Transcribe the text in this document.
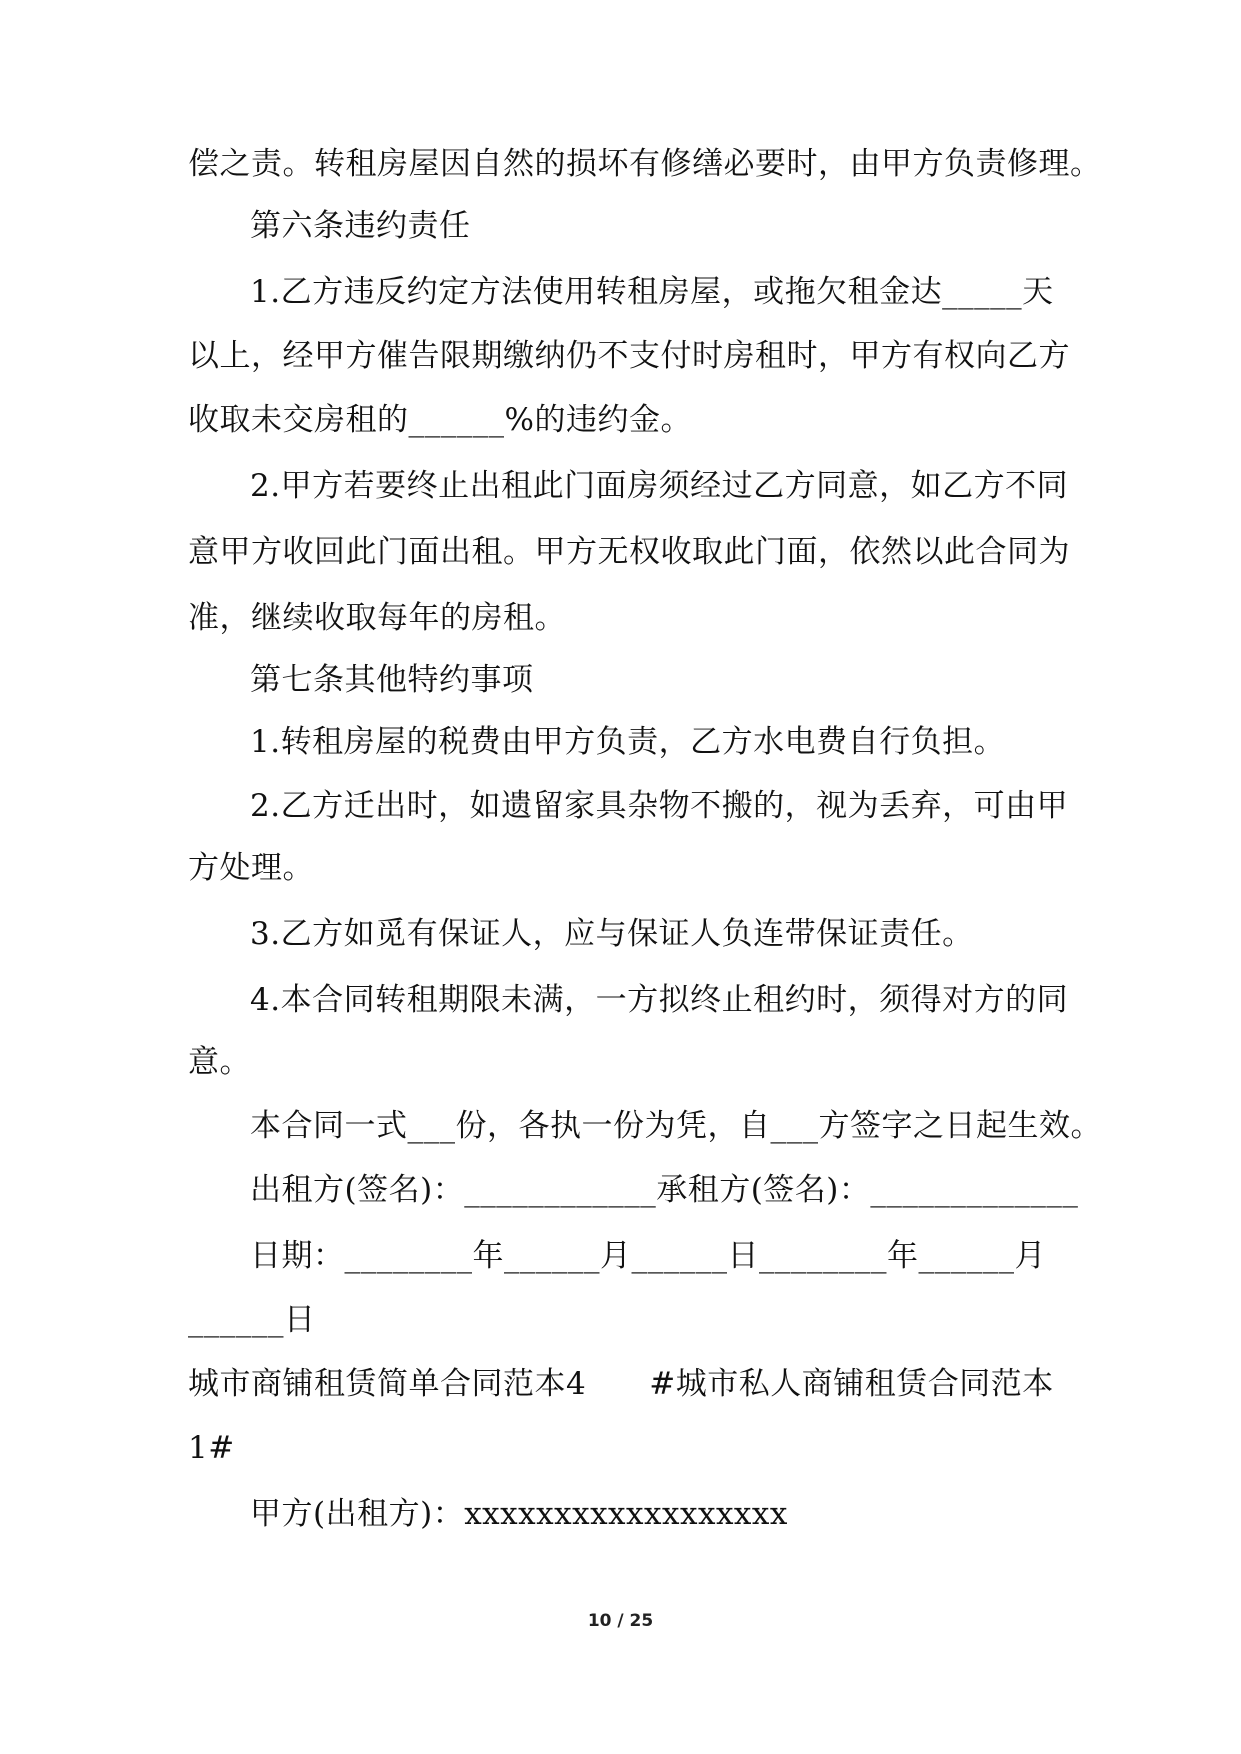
偿之责。转租房屋因自然的损坏有修缮必要时，由甲方负责修理。
第六条违约责任
1.乙方违反约定方法使用转租房屋，或拖欠租金达_____天
以上，经甲方催告限期缴纳仍不支付时房租时，甲方有权向乙方
收取未交房租的______%的违约金。
2.甲方若要终止出租此门面房须经过乙方同意，如乙方不同
意甲方收回此门面出租。甲方无权收取此门面，依然以此合同为
准，继续收取每年的房租。
第七条其他特约事项
1.转租房屋的税费由甲方负责，乙方水电费自行负担。
2.乙方迁出时，如遗留家具杂物不搬的，视为丢弃，可由甲
方处理。
3.乙方如觅有保证人，应与保证人负连带保证责任。
4.本合同转租期限未满，一方拟终止租约时，须得对方的同
意。
本合同一式___份，各执一份为凭，自___方签字之日起生效。
出租方(签名)：____________承租方(签名)：_____________
日期：________年______月______日________年______月
______日
城市商铺租赁简单合同范本4　　#城市私人商铺租赁合同范本
1#
甲方(出租方)：xxxxxxxxxxxxxxxxxx
10 / 25
